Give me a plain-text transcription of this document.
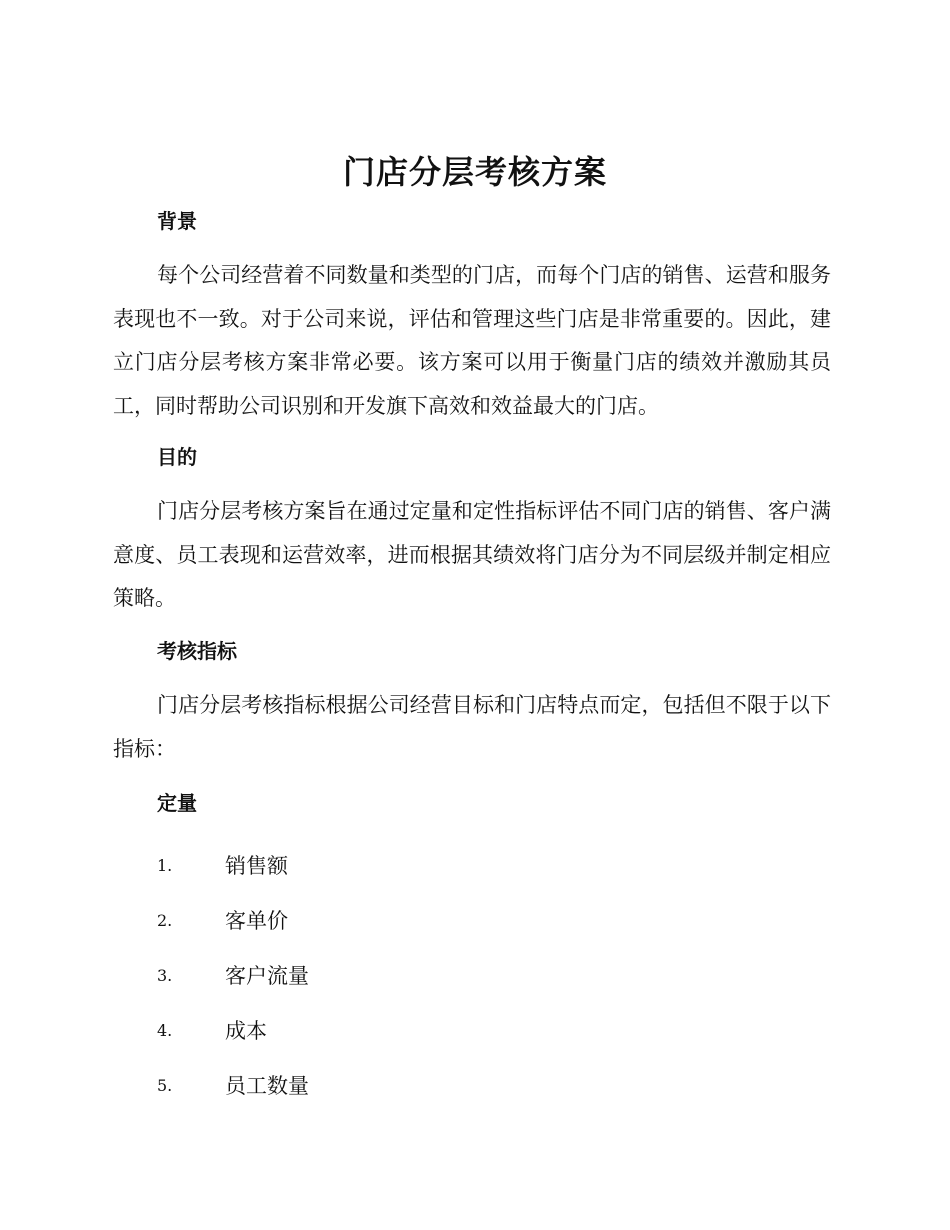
门店分层考核方案
背景

每个公司经营着不同数量和类型的门店，而每个门店的销售、运营和服务表现也不一致。对于公司来说，评估和管理这些门店是非常重要的。因此，建立门店分层考核方案非常必要。该方案可以用于衡量门店的绩效并激励其员工，同时帮助公司识别和开发旗下高效和效益最大的门店。

目的

门店分层考核方案旨在通过定量和定性指标评估不同门店的销售、客户满意度、员工表现和运营效率，进而根据其绩效将门店分为不同层级并制定相应策略。

考核指标

门店分层考核指标根据公司经营目标和门店特点而定，包括但不限于以下指标：

定量
1.	销售额
2.	客单价
3.	客户流量
4.	成本
5.	员工数量
